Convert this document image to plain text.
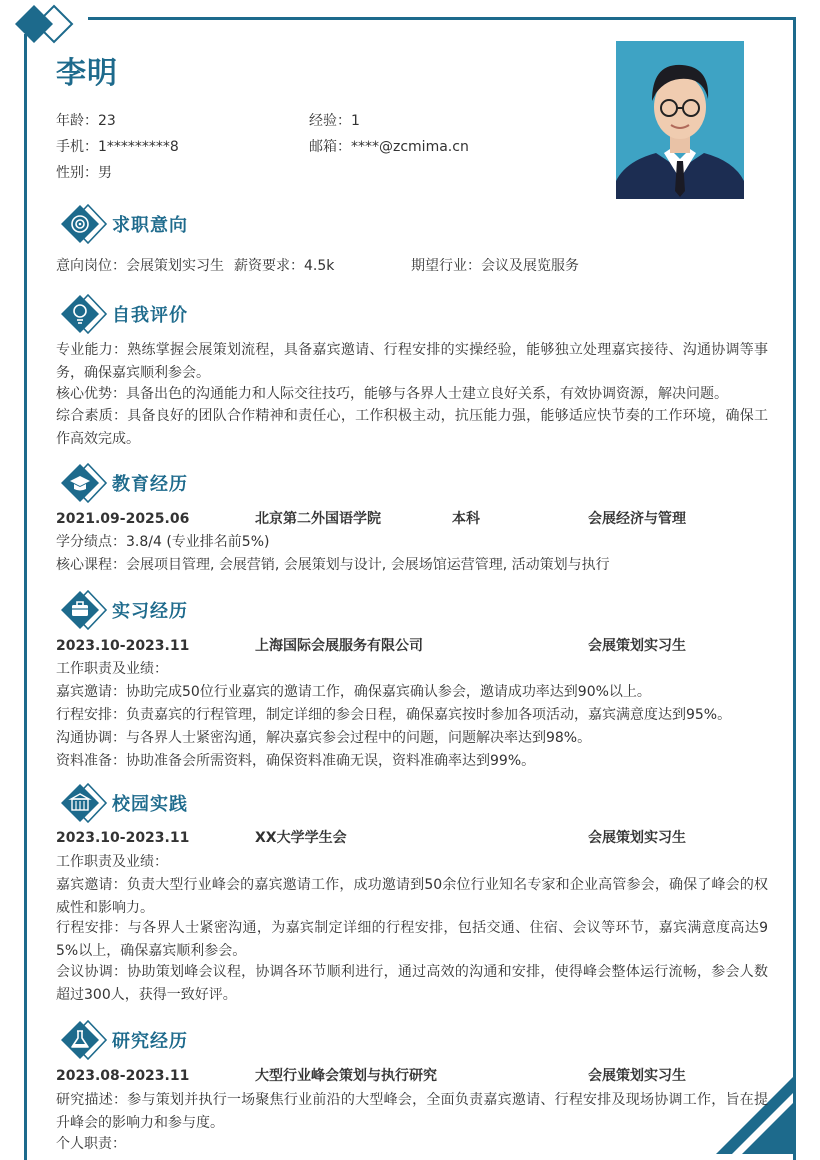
李明
年龄：23	经验：1
手机：1*********8	邮箱：****@zcmima.cn
性别：男
求职意向
意向岗位：会展策划实习生 薪资要求：4.5k	期望行业：会议及展览服务
自我评价
专业能力：熟练掌握会展策划流程，具备嘉宾邀请、行程安排的实操经验，能够独立处理嘉宾接待、沟通协调等事务，确保嘉宾顺利参会。
核心优势：具备出色的沟通能力和人际交往技巧，能够与各界人士建立良好关系，有效协调资源，解决问题。
综合素质：具备良好的团队合作精神和责任心，工作积极主动，抗压能力强，能够适应快节奏的工作环境，确保工作高效完成。
教育经历
2021.09-2025.06	北京第二外国语学院	本科	会展经济与管理
学分绩点：3.8/4 (专业排名前5%)
核心课程：会展项目管理, 会展营销, 会展策划与设计, 会展场馆运营管理, 活动策划与执行
实习经历
2023.10-2023.11	上海国际会展服务有限公司	会展策划实习生
工作职责及业绩：
嘉宾邀请：协助完成50位行业嘉宾的邀请工作，确保嘉宾确认参会，邀请成功率达到90%以上。
行程安排：负责嘉宾的行程管理，制定详细的参会日程，确保嘉宾按时参加各项活动，嘉宾满意度达到95%。
沟通协调：与各界人士紧密沟通，解决嘉宾参会过程中的问题，问题解决率达到98%。
资料准备：协助准备会所需资料，确保资料准确无误，资料准确率达到99%。
校园实践
2023.10-2023.11	XX大学学生会	会展策划实习生
工作职责及业绩：
嘉宾邀请：负责大型行业峰会的嘉宾邀请工作，成功邀请到50余位行业知名专家和企业高管参会，确保了峰会的权威性和影响力。
行程安排：与各界人士紧密沟通，为嘉宾制定详细的行程安排，包括交通、住宿、会议等环节，嘉宾满意度高达95%以上，确保嘉宾顺利参会。
会议协调：协助策划峰会议程，协调各环节顺利进行，通过高效的沟通和安排，使得峰会整体运行流畅，参会人数超过300人，获得一致好评。
研究经历
2023.08-2023.11	大型行业峰会策划与执行研究	会展策划实习生
研究描述：参与策划并执行一场聚焦行业前沿的大型峰会，全面负责嘉宾邀请、行程安排及现场协调工作，旨在提升峰会的影响力和参与度。
个人职责：
